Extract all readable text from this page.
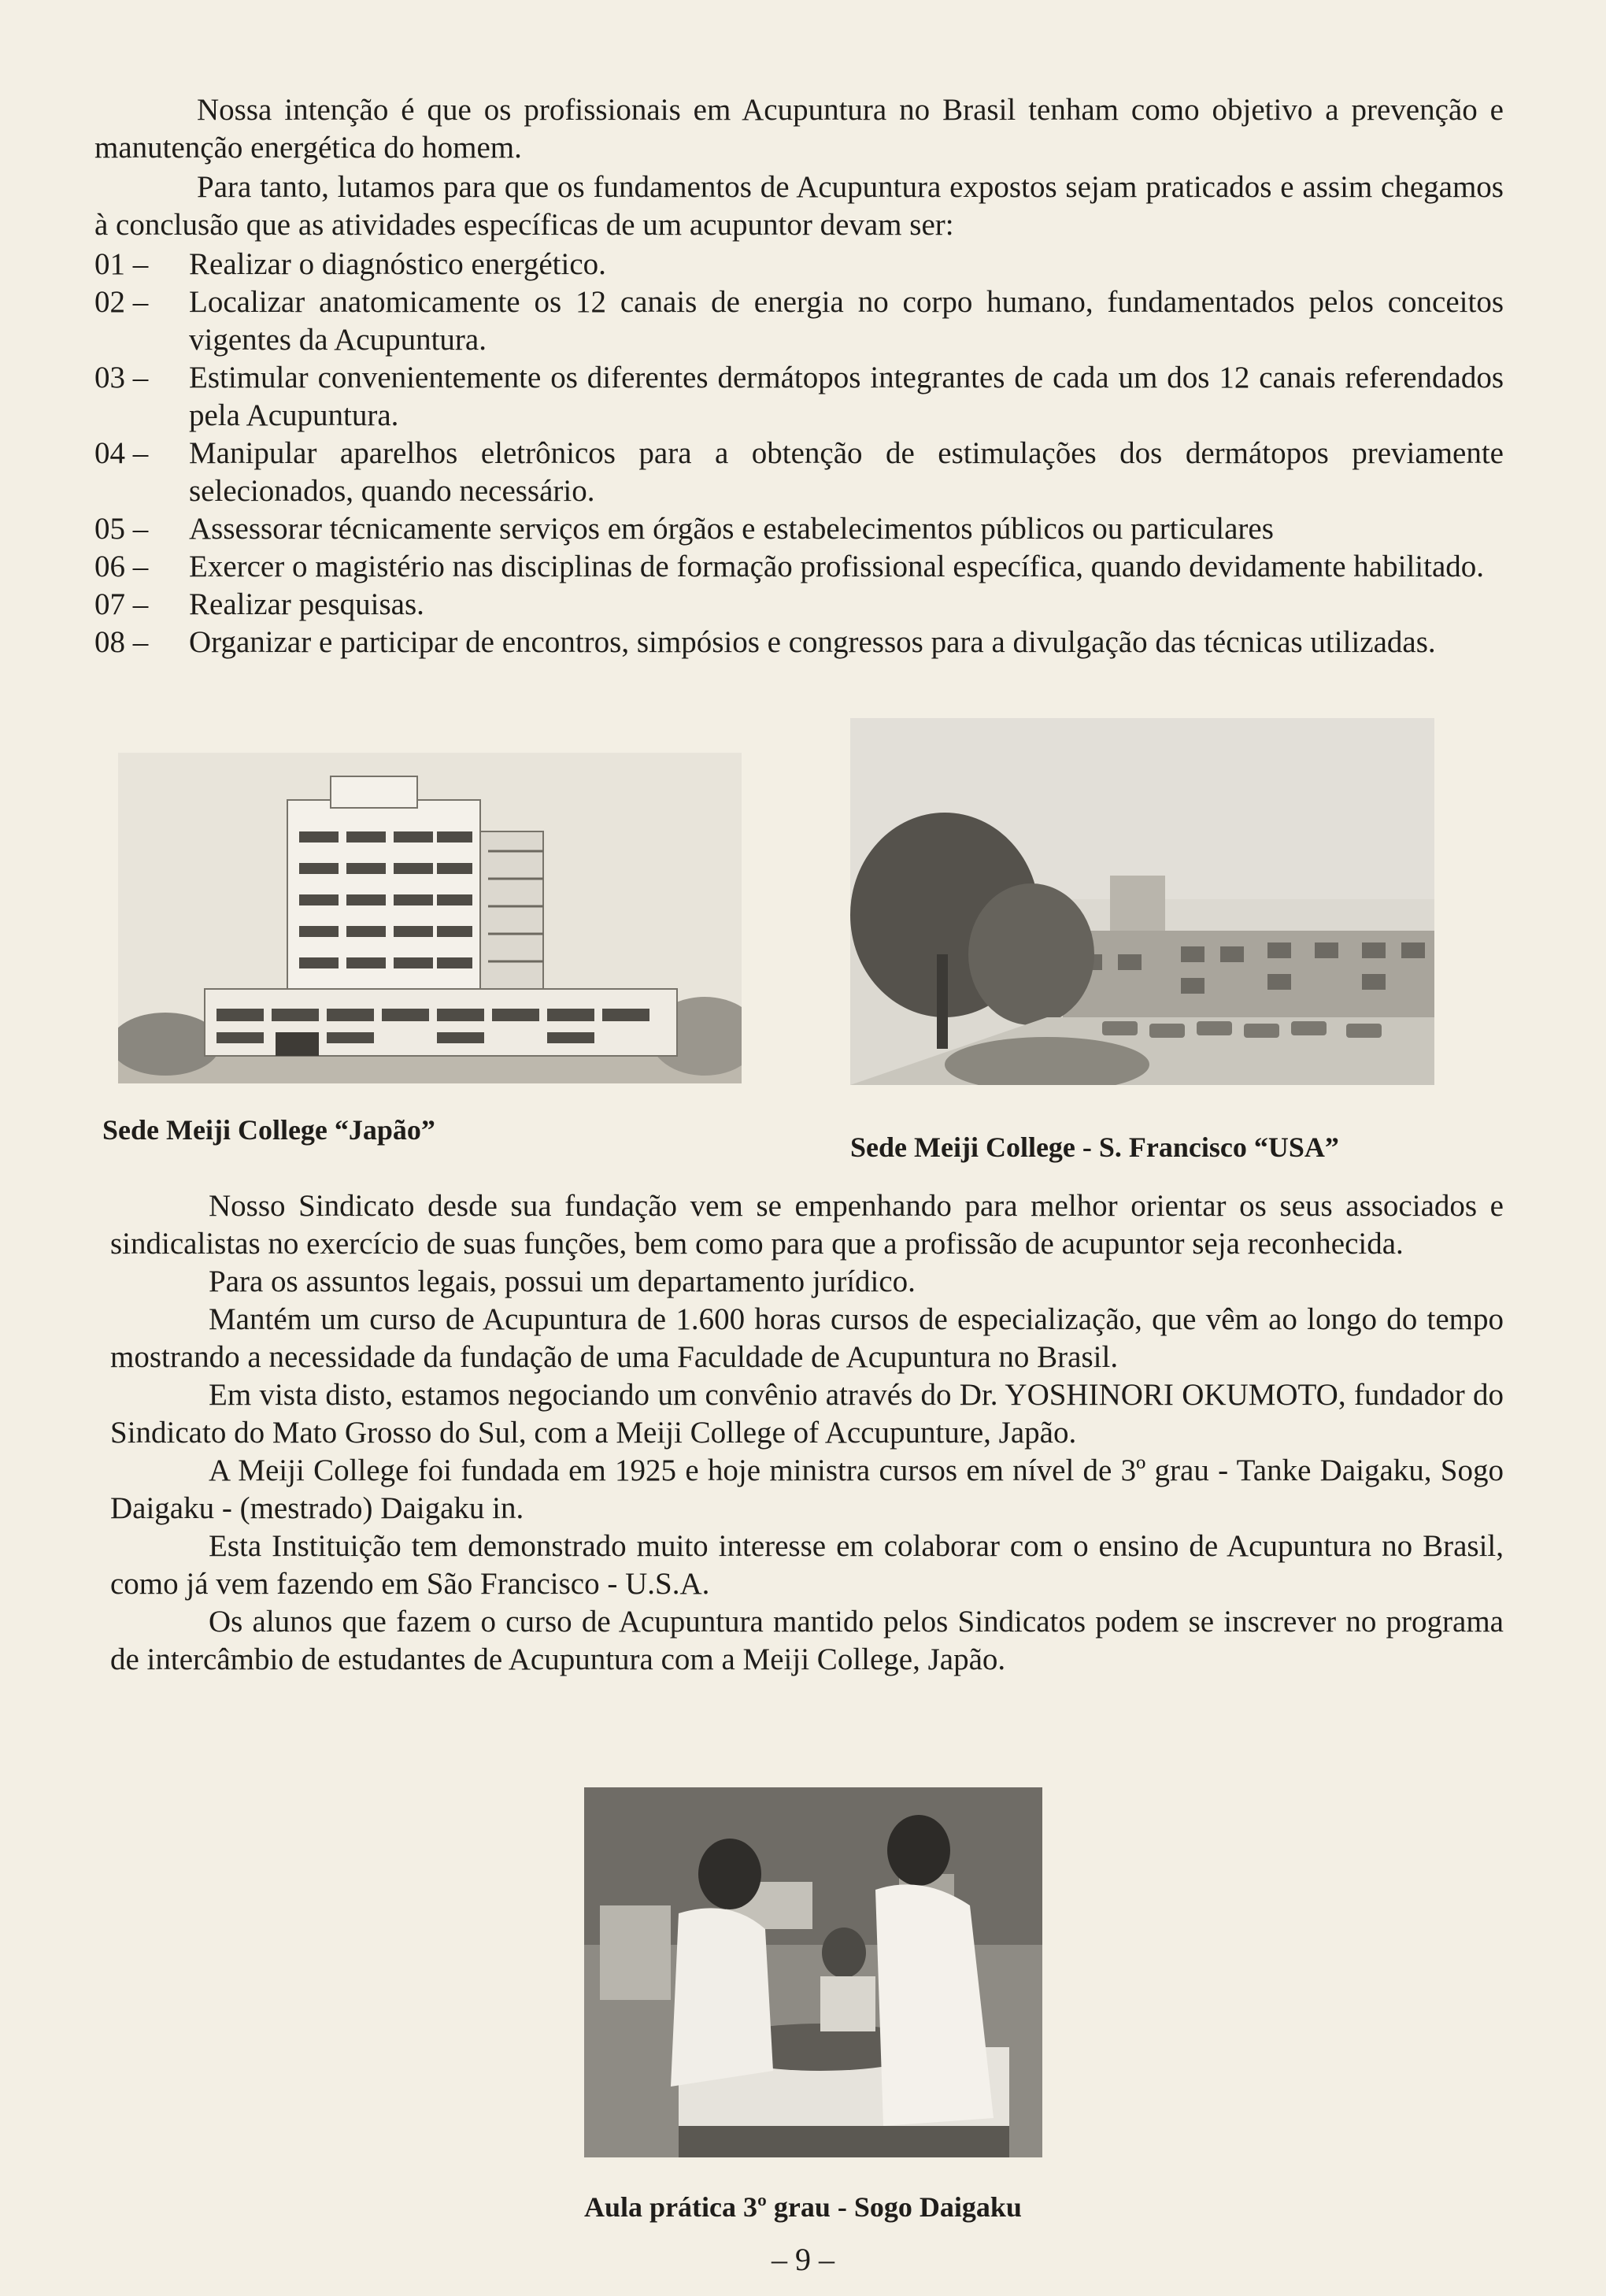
Nossa intenção é que os profissionais em Acupuntura no Brasil tenham como objetivo a prevenção e manutenção energética do homem.

Para tanto, lutamos para que os fundamentos de Acupuntura expostos sejam praticados e assim chegamos à conclusão que as atividades específicas de um acupuntor devam ser:

01 –	Realizar o diagnóstico energético.
02 –	Localizar anatomicamente os 12 canais de energia no corpo humano, fundamentados pelos conceitos vigentes da Acupuntura.
03 –	Estimular convenientemente os diferentes dermátopos integrantes de cada um dos 12 canais referendados pela Acupuntura.
04 –	Manipular aparelhos eletrônicos para a obtenção de estimulações dos dermátopos previamente selecionados, quando necessário.
05 –	Assessorar técnicamente serviços em órgãos e estabelecimentos públicos ou particulares
06 –	Exercer o magistério nas disciplinas de formação profissional específica, quando devidamente habilitado.
07 –	Realizar pesquisas.
08 –	Organizar e participar de encontros, simpósios e congressos para a divulgação das técnicas utilizadas.
Sede Meiji College “Japão”
Sede Meiji College - S. Francisco “USA”

Nosso Sindicato desde sua fundação vem se empenhando para melhor orientar os seus associados e sindicalistas no exercício de suas funções, bem como para que a profissão de acupuntor seja reconhecida.

Para os assuntos legais, possui um departamento jurídico.

Mantém um curso de Acupuntura de 1.600 horas cursos de especialização, que vêm ao longo do tempo mostrando a necessidade da fundação de uma Faculdade de Acupuntura no Brasil.

Em vista disto, estamos negociando um convênio através do Dr. YOSHINORI OKUMOTO, fundador do Sindicato do Mato Grosso do Sul, com a Meiji College of Accupunture, Japão.

A Meiji College foi fundada em 1925 e hoje ministra cursos em nível de 3º grau - Tanke Daigaku, Sogo Daigaku - (mestrado) Daigaku in.

Esta Instituição tem demonstrado muito interesse em colaborar com o ensino de Acupuntura no Brasil, como já vem fazendo em São Francisco - U.S.A.

Os alunos que fazem o curso de Acupuntura mantido pelos Sindicatos podem se inscrever no programa de intercâmbio de estudantes de Acupuntura com a Meiji College, Japão.

Aula prática 3º grau - Sogo Daigaku
– 9 –
